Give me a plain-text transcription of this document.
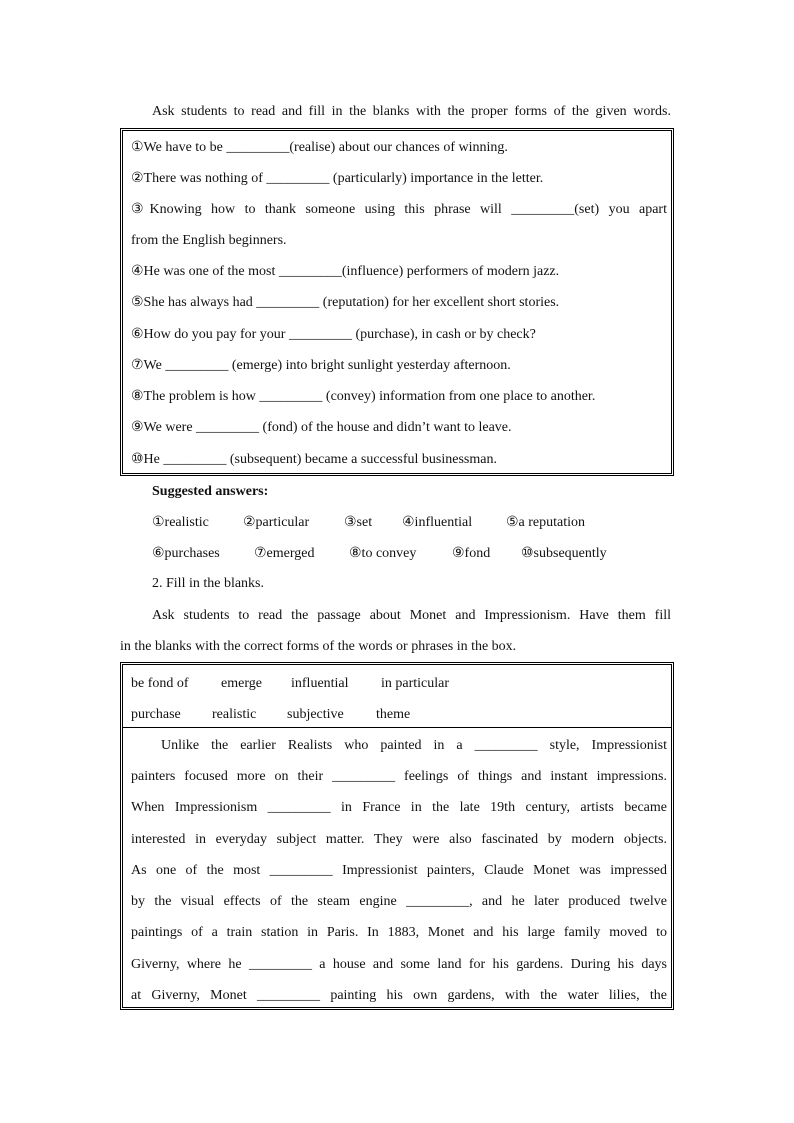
Ask students to read and fill in the blanks with the proper forms of the given words.
①We have to be _________(realise) about our chances of winning.
②There was nothing of _________ (particularly) importance in the letter.
③Knowing how to thank someone using this phrase will _________(set) you apart
from the English beginners.
④He was one of the most _________(influence) performers of modern jazz.
⑤She has always had _________ (reputation) for her excellent short stories.
⑥How do you pay for your _________ (purchase), in cash or by check?
⑦We _________ (emerge) into bright sunlight yesterday afternoon.
⑧The problem is how _________ (convey) information from one place to another.
⑨We were _________ (fond) of the house and didn’t want to leave.
⑩He _________ (subsequent) became a successful businessman.
Suggested answers:
①realistic ②particular ③set ④influential ⑤a reputation
⑥purchases ⑦emerged ⑧to convey	⑨fond ⑩subsequently
2. Fill in the blanks.
Ask students to read the passage about Monet and Impressionism. Have them fill
in the blanks with the correct forms of the words or phrases in the box.
be fond of emerge influential in particular
purchase realistic subjective theme
Unlike the earlier Realists who painted in a _________ style, Impressionist
painters focused more on their _________ feelings of things and instant impressions.
When Impressionism _________ in France in the late 19th century, artists became
interested in everyday subject matter. They were also fascinated by modern objects.
As one of the most _________ Impressionist painters, Claude Monet was impressed
by the visual effects of the steam engine _________, and he later produced twelve
paintings of a train station in Paris. In 1883, Monet and his large family moved to
Giverny, where he _________ a house and some land for his gardens. During his days
at Giverny, Monet _________ painting his own gardens, with the water lilies, the
